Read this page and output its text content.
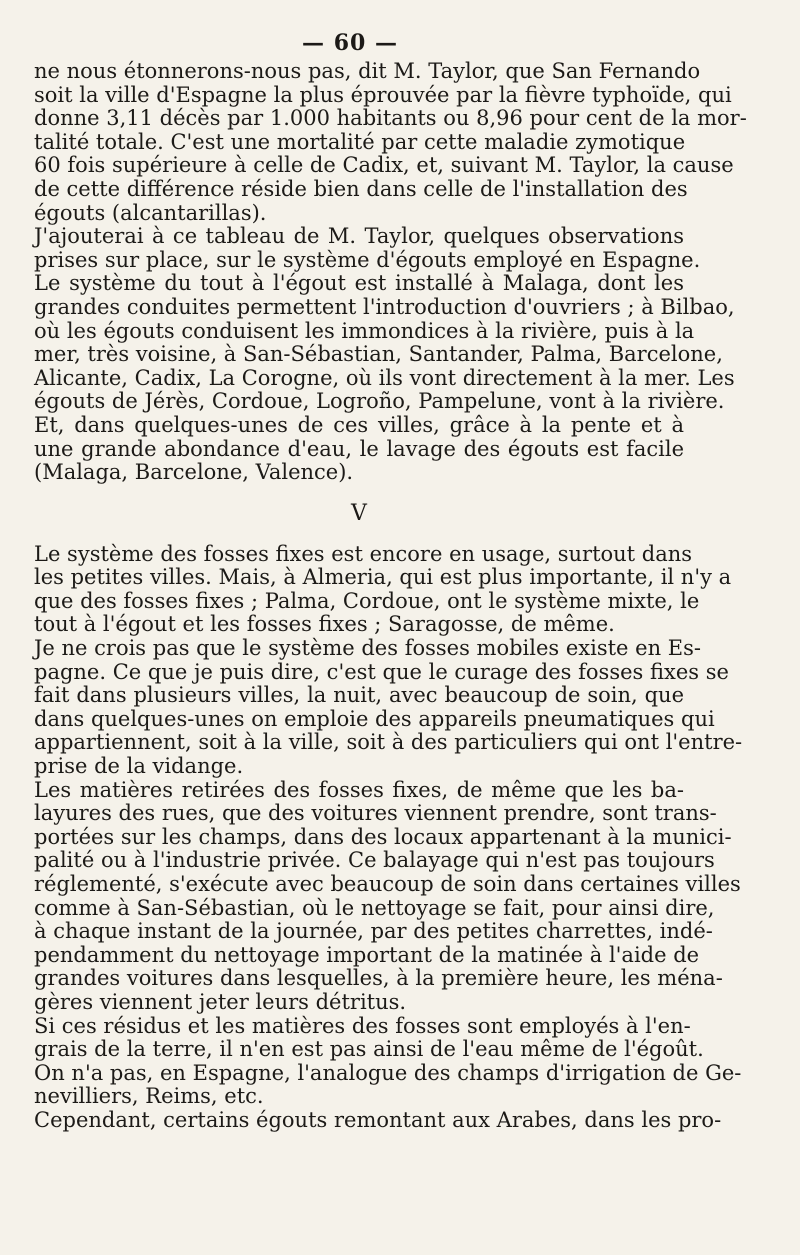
— 60 —
ne nous étonnerons-nous pas, dit M. Taylor, que San Fernando
soit la ville d'Espagne la plus éprouvée par la fièvre typhoïde, qui
donne 3,11 décès par 1.000 habitants ou 8,96 pour cent de la mor-
talité totale. C'est une mortalité par cette maladie zymotique
60 fois supérieure à celle de Cadix, et, suivant M. Taylor, la cause
de cette différence réside bien dans celle de l'installation des
égouts (alcantarillas).
J'ajouterai à ce tableau de M. Taylor, quelques observations
prises sur place, sur le système d'égouts employé en Espagne.
Le système du tout à l'égout est installé à Malaga, dont les
grandes conduites permettent l'introduction d'ouvriers ; à Bilbao,
où les égouts conduisent les immondices à la rivière, puis à la
mer, très voisine, à San-Sébastian, Santander, Palma, Barcelone,
Alicante, Cadix, La Corogne, où ils vont directement à la mer. Les
égouts de Jérès, Cordoue, Logroño, Pampelune, vont à la rivière.
Et, dans quelques-unes de ces villes, grâce à la pente et à
une grande abondance d'eau, le lavage des égouts est facile
(Malaga, Barcelone, Valence).
V
Le système des fosses fixes est encore en usage, surtout dans
les petites villes. Mais, à Almeria, qui est plus importante, il n'y a
que des fosses fixes ; Palma, Cordoue, ont le système mixte, le
tout à l'égout et les fosses fixes ; Saragosse, de même.
Je ne crois pas que le système des fosses mobiles existe en Es-
pagne. Ce que je puis dire, c'est que le curage des fosses fixes se
fait dans plusieurs villes, la nuit, avec beaucoup de soin, que
dans quelques-unes on emploie des appareils pneumatiques qui
appartiennent, soit à la ville, soit à des particuliers qui ont l'entre-
prise de la vidange.
Les matières retirées des fosses fixes, de même que les ba-
layures des rues, que des voitures viennent prendre, sont trans-
portées sur les champs, dans des locaux appartenant à la munici-
palité ou à l'industrie privée. Ce balayage qui n'est pas toujours
réglementé, s'exécute avec beaucoup de soin dans certaines villes
comme à San-Sébastian, où le nettoyage se fait, pour ainsi dire,
à chaque instant de la journée, par des petites charrettes, indé-
pendamment du nettoyage important de la matinée à l'aide de
grandes voitures dans lesquelles, à la première heure, les ména-
gères viennent jeter leurs détritus.
Si ces résidus et les matières des fosses sont employés à l'en-
grais de la terre, il n'en est pas ainsi de l'eau même de l'égoût.
On n'a pas, en Espagne, l'analogue des champs d'irrigation de Ge-
nevilliers, Reims, etc.
Cependant, certains égouts remontant aux Arabes, dans les pro-
